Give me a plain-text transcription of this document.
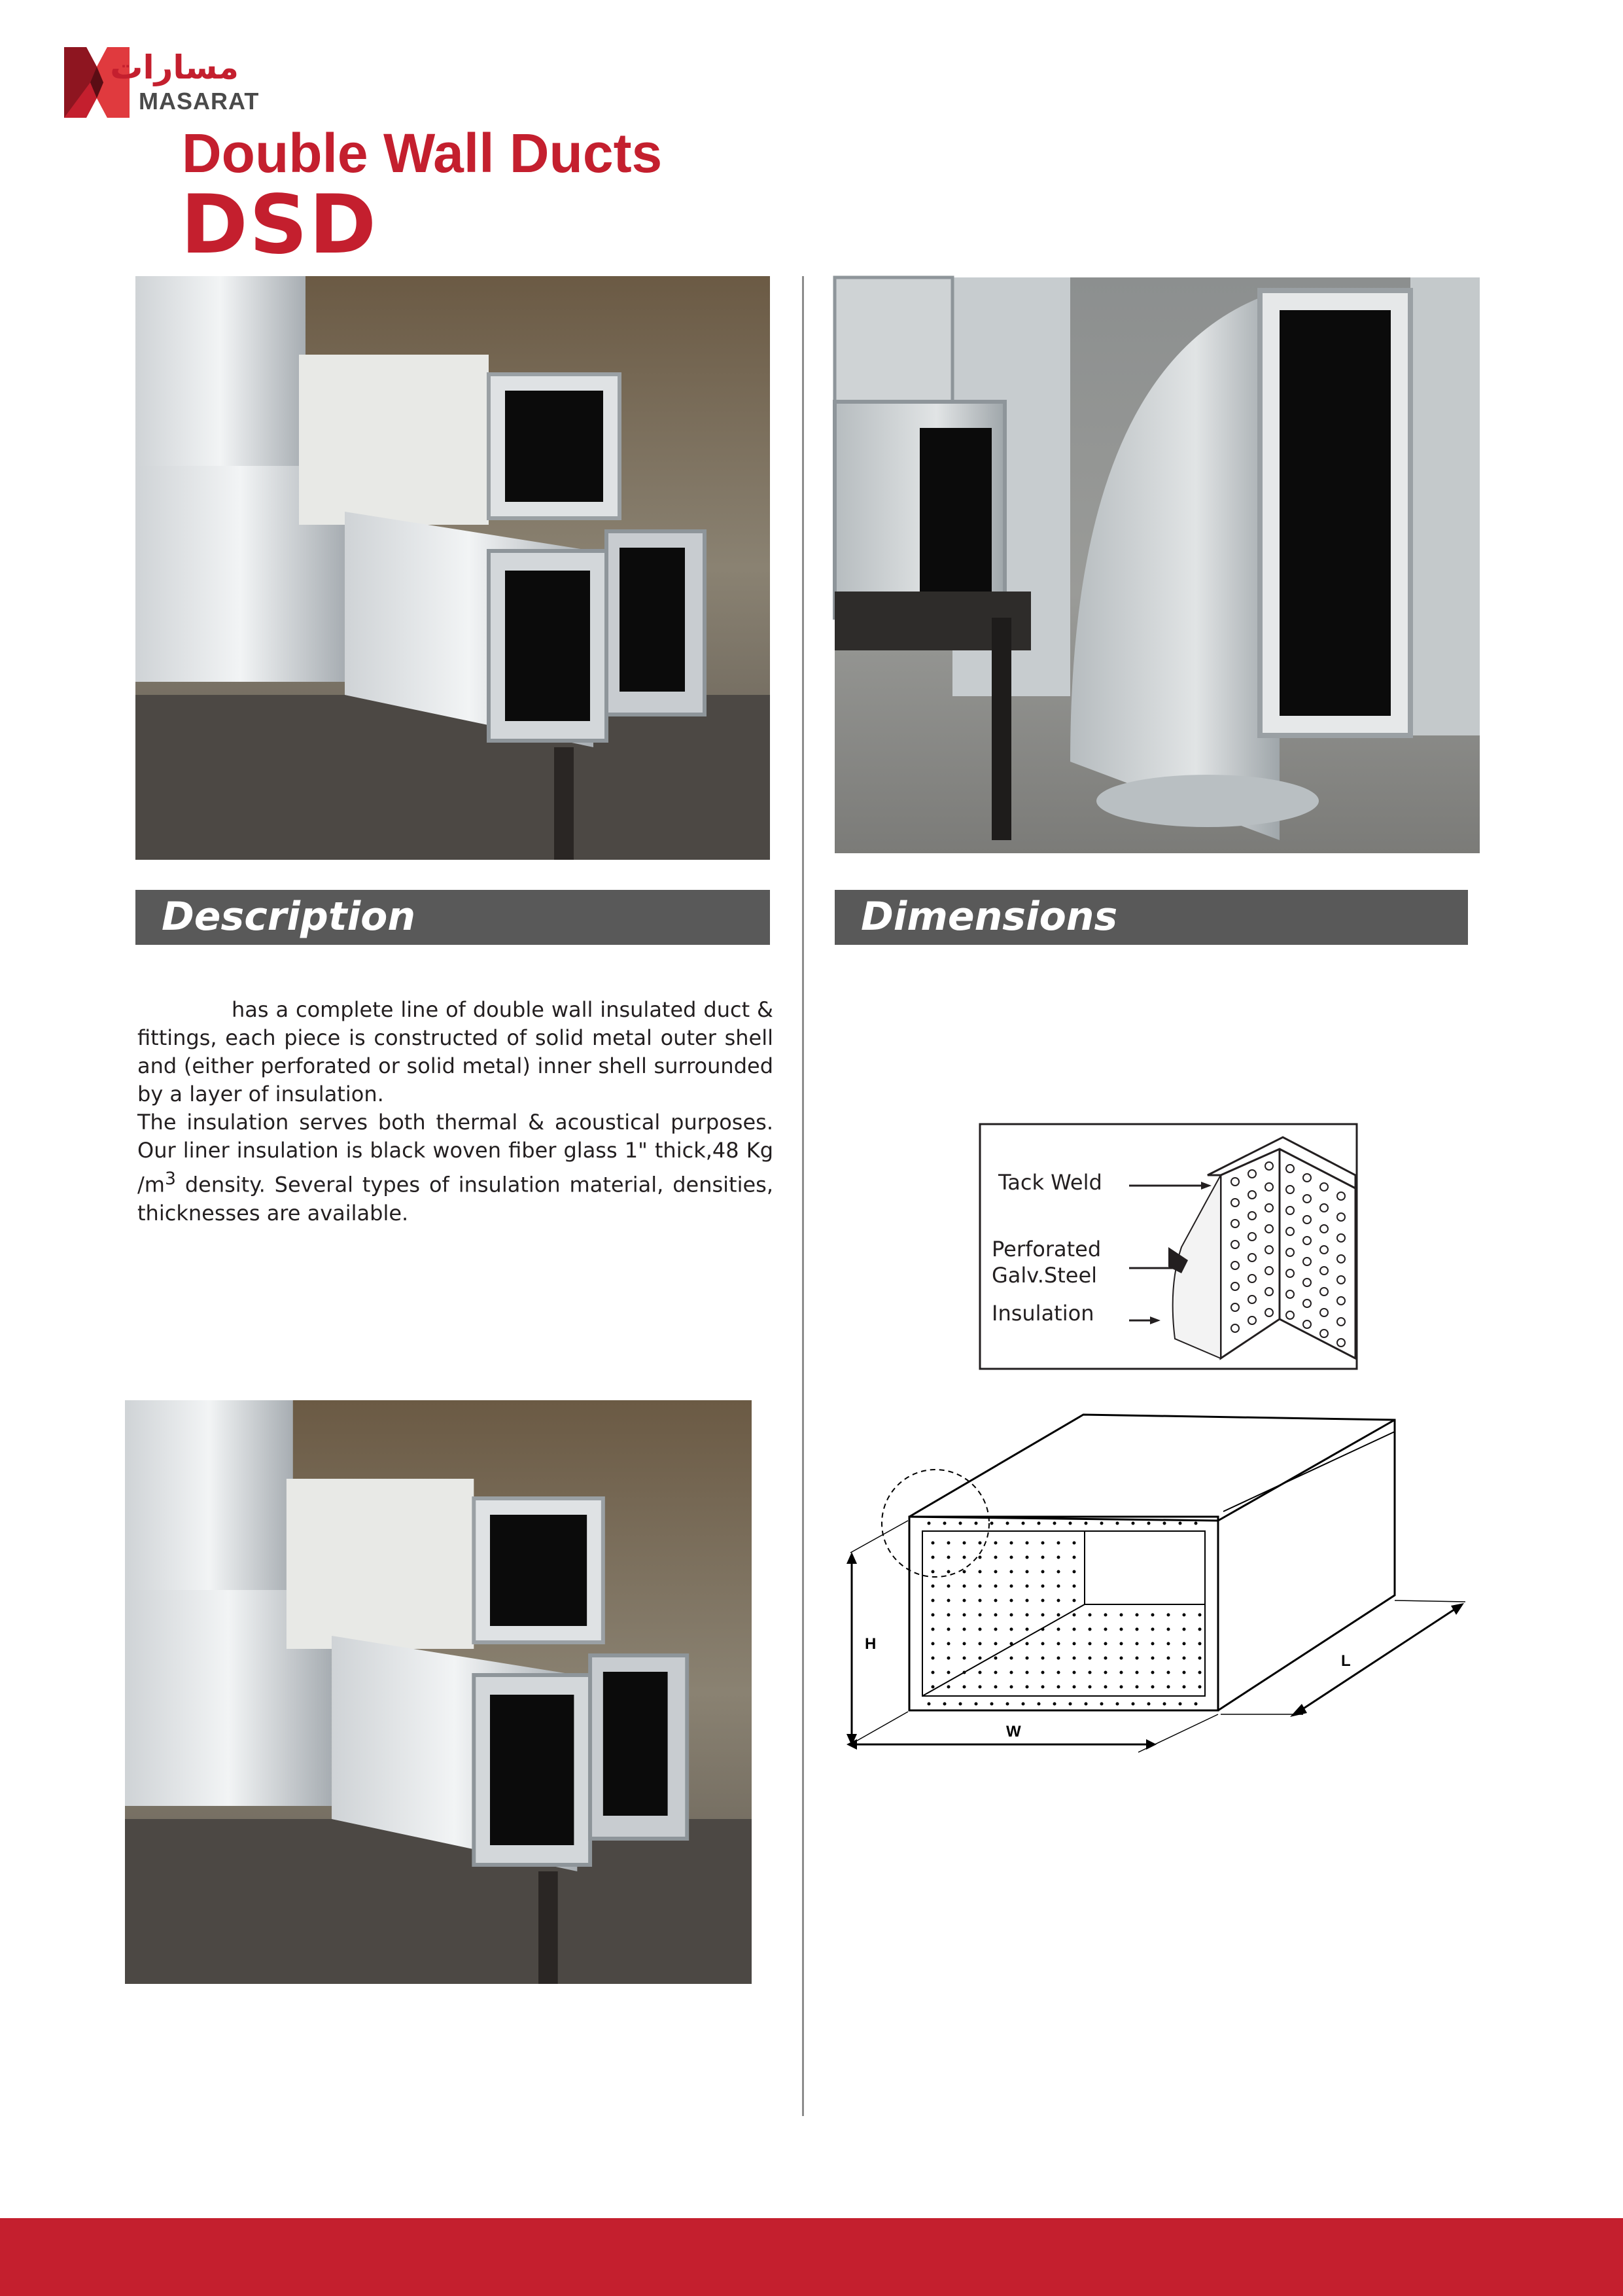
مسارات
MASARAT
Double Wall Ducts
DSD
Description	Dimensions

has a complete line of double wall insulated duct & fittings, each piece is constructed of solid metal outer shell and (either perforated or solid metal) inner shell surrounded by a layer of insulation.

The insulation serves both thermal & acoustical purposes. Our liner insulation is black woven fiber glass 1" thick,48 Kg $/m^3$ density. Several types of insulation material, densities, thicknesses are available.

Tack Weld
Perforated
Galv.Steel
Insulation
H
W
L
